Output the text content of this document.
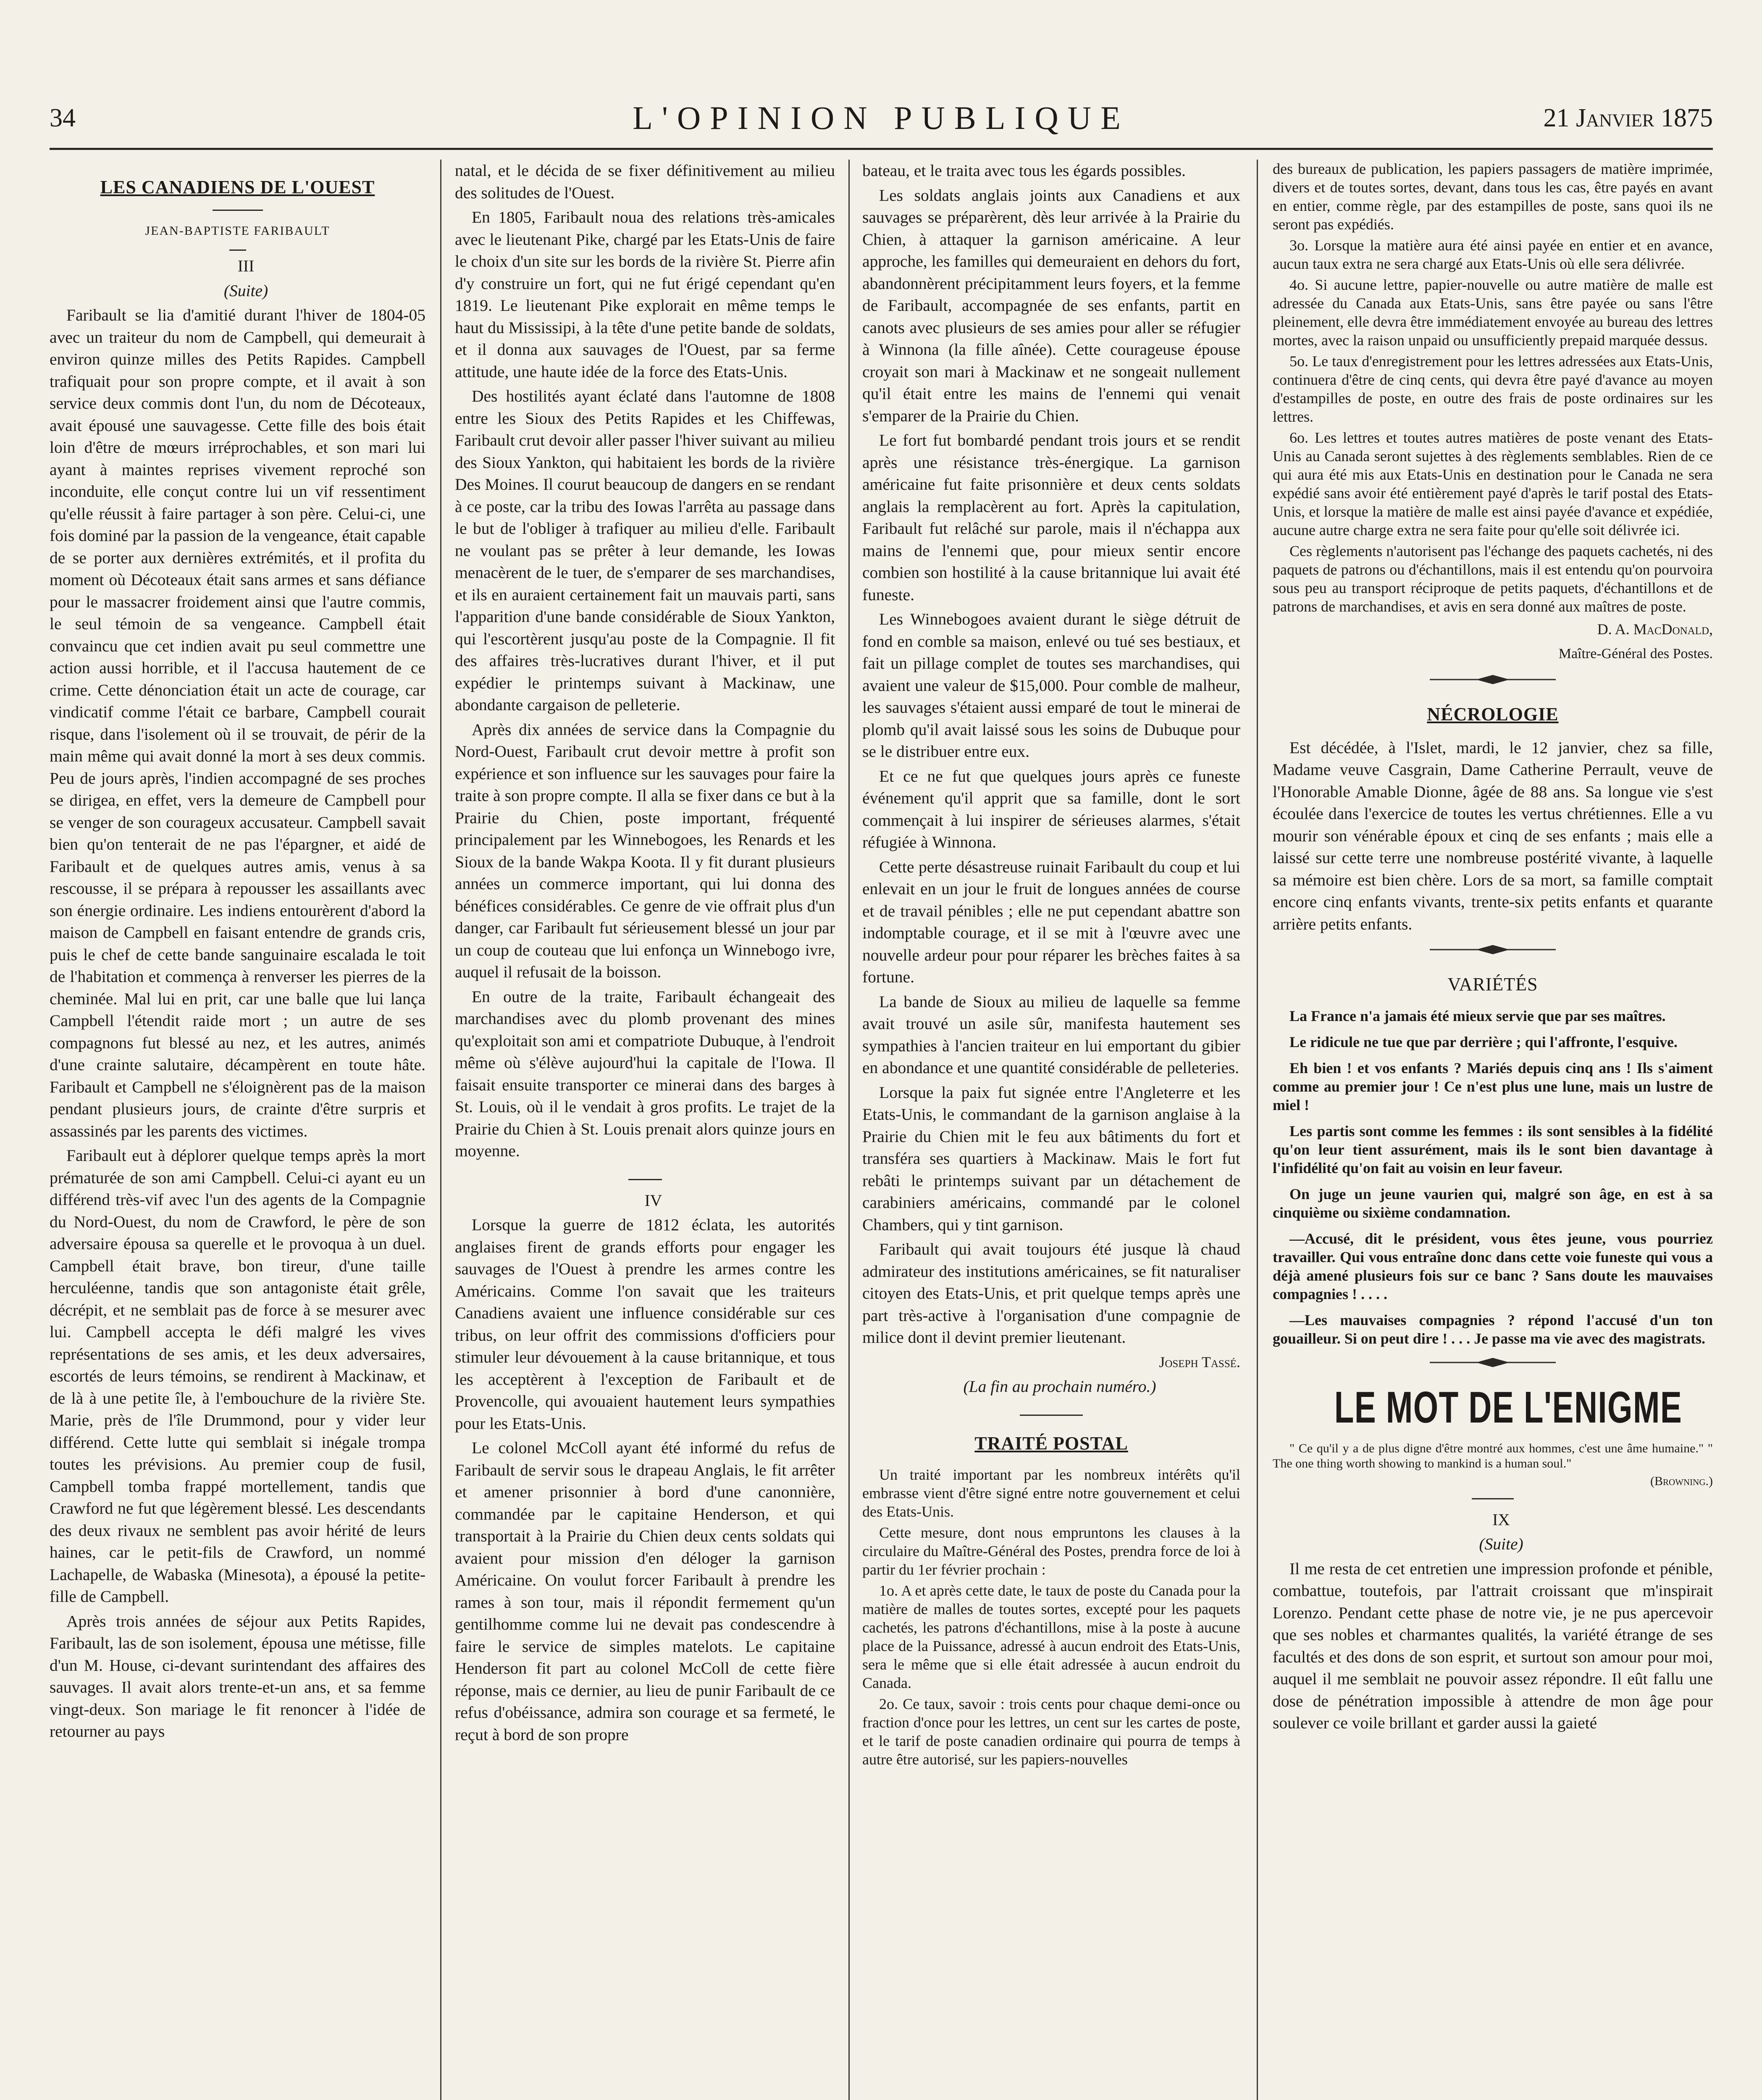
34	L'OPINION PUBLIQUE	21 Janvier 1875
LES CANADIENS DE L'OUEST
JEAN-BAPTISTE FARIBAULT

III

(Suite)

Faribault se lia d'amitié durant l'hiver de 1804-05 avec un traiteur du nom de Campbell, qui demeurait à environ quinze milles des Petits Rapides. Campbell trafiquait pour son propre compte, et il avait à son service deux commis dont l'un, du nom de Décoteaux, avait épousé une sauvagesse. Cette fille des bois était loin d'être de mœurs irréprochables, et son mari lui ayant à maintes reprises vivement reproché son inconduite, elle conçut contre lui un vif ressentiment qu'elle réussit à faire partager à son père. Celui-ci, une fois dominé par la passion de la vengeance, était capable de se porter aux dernières extrémités, et il profita du moment où Décoteaux était sans armes et sans défiance pour le massacrer froidement ainsi que l'autre commis, le seul témoin de sa vengeance. Campbell était convaincu que cet indien avait pu seul commettre une action aussi horrible, et il l'accusa hautement de ce crime. Cette dénonciation était un acte de courage, car vindicatif comme l'était ce barbare, Campbell courait risque, dans l'isolement où il se trouvait, de périr de la main même qui avait donné la mort à ses deux commis. Peu de jours après, l'indien accompagné de ses proches se dirigea, en effet, vers la demeure de Campbell pour se venger de son courageux accusateur. Campbell savait bien qu'on tenterait de ne pas l'épargner, et aidé de Faribault et de quelques autres amis, venus à sa rescousse, il se prépara à repousser les assaillants avec son énergie ordinaire. Les indiens entourèrent d'abord la maison de Campbell en faisant entendre de grands cris, puis le chef de cette bande sanguinaire escalada le toit de l'habitation et commença à renverser les pierres de la cheminée. Mal lui en prit, car une balle que lui lança Campbell l'étendit raide mort ; un autre de ses compagnons fut blessé au nez, et les autres, animés d'une crainte salutaire, décampèrent en toute hâte. Faribault et Campbell ne s'éloignèrent pas de la maison pendant plusieurs jours, de crainte d'être surpris et assassinés par les parents des victimes.

Faribault eut à déplorer quelque temps après la mort prématurée de son ami Campbell. Celui-ci ayant eu un différend très-vif avec l'un des agents de la Compagnie du Nord-Ouest, du nom de Crawford, le père de son adversaire épousa sa querelle et le provoqua à un duel. Campbell était brave, bon tireur, d'une taille herculéenne, tandis que son antagoniste était grêle, décrépit, et ne semblait pas de force à se mesurer avec lui. Campbell accepta le défi malgré les vives représentations de ses amis, et les deux adversaires, escortés de leurs témoins, se rendirent à Mackinaw, et de là à une petite île, à l'embouchure de la rivière Ste. Marie, près de l'île Drummond, pour y vider leur différend. Cette lutte qui semblait si inégale trompa toutes les prévisions. Au premier coup de fusil, Campbell tomba frappé mortellement, tandis que Crawford ne fut que légèrement blessé. Les descendants des deux rivaux ne semblent pas avoir hérité de leurs haines, car le petit-fils de Crawford, un nommé Lachapelle, de Wabaska (Minesota), a épousé la petite-fille de Campbell.

Après trois années de séjour aux Petits Rapides, Faribault, las de son isolement, épousa une métisse, fille d'un M. House, ci-devant surintendant des affaires des sauvages. Il avait alors trente-et-un ans, et sa femme vingt-deux. Son mariage le fit renoncer à l'idée de retourner au pays

natal, et le décida de se fixer définitivement au milieu des solitudes de l'Ouest.

En 1805, Faribault noua des relations très-amicales avec le lieutenant Pike, chargé par les Etats-Unis de faire le choix d'un site sur les bords de la rivière St. Pierre afin d'y construire un fort, qui ne fut érigé cependant qu'en 1819. Le lieutenant Pike explorait en même temps le haut du Mississipi, à la tête d'une petite bande de soldats, et il donna aux sauvages de l'Ouest, par sa ferme attitude, une haute idée de la force des Etats-Unis.

Des hostilités ayant éclaté dans l'automne de 1808 entre les Sioux des Petits Rapides et les Chiffewas, Faribault crut devoir aller passer l'hiver suivant au milieu des Sioux Yankton, qui habitaient les bords de la rivière Des Moines. Il courut beaucoup de dangers en se rendant à ce poste, car la tribu des Iowas l'arrêta au passage dans le but de l'obliger à trafiquer au milieu d'elle. Faribault ne voulant pas se prêter à leur demande, les Iowas menacèrent de le tuer, de s'emparer de ses marchandises, et ils en auraient certainement fait un mauvais parti, sans l'apparition d'une bande considérable de Sioux Yankton, qui l'escortèrent jusqu'au poste de la Compagnie. Il fit des affaires très-lucratives durant l'hiver, et il put expédier le printemps suivant à Mackinaw, une abondante cargaison de pelleterie.

Après dix années de service dans la Compagnie du Nord-Ouest, Faribault crut devoir mettre à profit son expérience et son influence sur les sauvages pour faire la traite à son propre compte. Il alla se fixer dans ce but à la Prairie du Chien, poste important, fréquenté principalement par les Winnebogoes, les Renards et les Sioux de la bande Wakpa Koota. Il y fit durant plusieurs années un commerce important, qui lui donna des bénéfices considérables. Ce genre de vie offrait plus d'un danger, car Faribault fut sérieusement blessé un jour par un coup de couteau que lui enfonça un Winnebogo ivre, auquel il refusait de la boisson.

En outre de la traite, Faribault échangeait des marchandises avec du plomb provenant des mines qu'exploitait son ami et compatriote Dubuque, à l'endroit même où s'élève aujourd'hui la capitale de l'Iowa. Il faisait ensuite transporter ce minerai dans des barges à St. Louis, où il le vendait à gros profits. Le trajet de la Prairie du Chien à St. Louis prenait alors quinze jours en moyenne.

IV

Lorsque la guerre de 1812 éclata, les autorités anglaises firent de grands efforts pour engager les sauvages de l'Ouest à prendre les armes contre les Américains. Comme l'on savait que les traiteurs Canadiens avaient une influence considérable sur ces tribus, on leur offrit des commissions d'officiers pour stimuler leur dévouement à la cause britannique, et tous les acceptèrent à l'exception de Faribault et de Provencolle, qui avouaient hautement leurs sympathies pour les Etats-Unis.

Le colonel McColl ayant été informé du refus de Faribault de servir sous le drapeau Anglais, le fit arrêter et amener prisonnier à bord d'une canonnière, commandée par le capitaine Henderson, et qui transportait à la Prairie du Chien deux cents soldats qui avaient pour mission d'en déloger la garnison Américaine. On voulut forcer Faribault à prendre les rames à son tour, mais il répondit fermement qu'un gentilhomme comme lui ne devait pas condescendre à faire le service de simples matelots. Le capitaine Henderson fit part au colonel McColl de cette fière réponse, mais ce dernier, au lieu de punir Faribault de ce refus d'obéissance, admira son courage et sa fermeté, le reçut à bord de son propre

bateau, et le traita avec tous les égards possibles.

Les soldats anglais joints aux Canadiens et aux sauvages se préparèrent, dès leur arrivée à la Prairie du Chien, à attaquer la garnison américaine. A leur approche, les familles qui demeuraient en dehors du fort, abandonnèrent précipitamment leurs foyers, et la femme de Faribault, accompagnée de ses enfants, partit en canots avec plusieurs de ses amies pour aller se réfugier à Winnona (la fille aînée). Cette courageuse épouse croyait son mari à Mackinaw et ne songeait nullement qu'il était entre les mains de l'ennemi qui venait s'emparer de la Prairie du Chien.

Le fort fut bombardé pendant trois jours et se rendit après une résistance très-énergique. La garnison américaine fut faite prisonnière et deux cents soldats anglais la remplacèrent au fort. Après la capitulation, Faribault fut relâché sur parole, mais il n'échappa aux mains de l'ennemi que, pour mieux sentir encore combien son hostilité à la cause britannique lui avait été funeste.

Les Winnebogoes avaient durant le siège détruit de fond en comble sa maison, enlevé ou tué ses bestiaux, et fait un pillage complet de toutes ses marchandises, qui avaient une valeur de $15,000. Pour comble de malheur, les sauvages s'étaient aussi emparé de tout le minerai de plomb qu'il avait laissé sous les soins de Dubuque pour se le distribuer entre eux.

Et ce ne fut que quelques jours après ce funeste événement qu'il apprit que sa famille, dont le sort commençait à lui inspirer de sérieuses alarmes, s'était réfugiée à Winnona.

Cette perte désastreuse ruinait Faribault du coup et lui enlevait en un jour le fruit de longues années de course et de travail pénibles ; elle ne put cependant abattre son indomptable courage, et il se mit à l'œuvre avec une nouvelle ardeur pour pour réparer les brèches faites à sa fortune.

La bande de Sioux au milieu de laquelle sa femme avait trouvé un asile sûr, manifesta hautement ses sympathies à l'ancien traiteur en lui emportant du gibier en abondance et une quantité considérable de pelleteries.

Lorsque la paix fut signée entre l'Angleterre et les Etats-Unis, le commandant de la garnison anglaise à la Prairie du Chien mit le feu aux bâtiments du fort et transféra ses quartiers à Mackinaw. Mais le fort fut rebâti le printemps suivant par un détachement de carabiniers américains, commandé par le colonel Chambers, qui y tint garnison.

Faribault qui avait toujours été jusque là chaud admirateur des institutions américaines, se fit naturaliser citoyen des Etats-Unis, et prit quelque temps après une part très-active à l'organisation d'une compagnie de milice dont il devint premier lieutenant.

Joseph Tassé.

(La fin au prochain numéro.)

TRAITÉ POSTAL

Un traité important par les nombreux intérêts qu'il embrasse vient d'être signé entre notre gouvernement et celui des Etats-Unis.

Cette mesure, dont nous empruntons les clauses à la circulaire du Maître-Général des Postes, prendra force de loi à partir du 1er février prochain :

1o. A et après cette date, le taux de poste du Canada pour la matière de malles de toutes sortes, excepté pour les paquets cachetés, les patrons d'échantillons, mise à la poste à aucune place de la Puissance, adressé à aucun endroit des Etats-Unis, sera le même que si elle était adressée à aucun endroit du Canada.

2o. Ce taux, savoir : trois cents pour chaque demi-once ou fraction d'once pour les lettres, un cent sur les cartes de poste, et le tarif de poste canadien ordinaire qui pourra de temps à autre être autorisé, sur les papiers-nouvelles

des bureaux de publication, les papiers passagers de matière imprimée, divers et de toutes sortes, devant, dans tous les cas, être payés en avant en entier, comme règle, par des estampilles de poste, sans quoi ils ne seront pas expédiés.

3o. Lorsque la matière aura été ainsi payée en entier et en avance, aucun taux extra ne sera chargé aux Etats-Unis où elle sera délivrée.

4o. Si aucune lettre, papier-nouvelle ou autre matière de malle est adressée du Canada aux Etats-Unis, sans être payée ou sans l'être pleinement, elle devra être immédiatement envoyée au bureau des lettres mortes, avec la raison unpaid ou unsufficiently prepaid marquée dessus.

5o. Le taux d'enregistrement pour les lettres adressées aux Etats-Unis, continuera d'être de cinq cents, qui devra être payé d'avance au moyen d'estampilles de poste, en outre des frais de poste ordinaires sur les lettres.

6o. Les lettres et toutes autres matières de poste venant des Etats-Unis au Canada seront sujettes à des règlements semblables. Rien de ce qui aura été mis aux Etats-Unis en destination pour le Canada ne sera expédié sans avoir été entièrement payé d'après le tarif postal des Etats-Unis, et lorsque la matière de malle est ainsi payée d'avance et expédiée, aucune autre charge extra ne sera faite pour qu'elle soit délivrée ici.

Ces règlements n'autorisent pas l'échange des paquets cachetés, ni des paquets de patrons ou d'échantillons, mais il est entendu qu'on pourvoira sous peu au transport réciproque de petits paquets, d'échantillons et de patrons de marchandises, et avis en sera donné aux maîtres de poste.

D. A. MacDonald,

Maître-Général des Postes.

NÉCROLOGIE

Est décédée, à l'Islet, mardi, le 12 janvier, chez sa fille, Madame veuve Casgrain, Dame Catherine Perrault, veuve de l'Honorable Amable Dionne, âgée de 88 ans. Sa longue vie s'est écoulée dans l'exercice de toutes les vertus chrétiennes. Elle a vu mourir son vénérable époux et cinq de ses enfants ; mais elle a laissé sur cette terre une nombreuse postérité vivante, à laquelle sa mémoire est bien chère. Lors de sa mort, sa famille comptait encore cinq enfants vivants, trente-six petits enfants et quarante arrière petits enfants.

VARIÉTÉS

La France n'a jamais été mieux servie que par ses maîtres.

Le ridicule ne tue que par derrière ; qui l'affronte, l'esquive.

Eh bien ! et vos enfants ? Mariés depuis cinq ans ! Ils s'aiment comme au premier jour ! Ce n'est plus une lune, mais un lustre de miel !

Les partis sont comme les femmes : ils sont sensibles à la fidélité qu'on leur tient assurément, mais ils le sont bien davantage à l'infidélité qu'on fait au voisin en leur faveur.

On juge un jeune vaurien qui, malgré son âge, en est à sa cinquième ou sixième condamnation.

—Accusé, dit le président, vous êtes jeune, vous pourriez travailler. Qui vous entraîne donc dans cette voie funeste qui vous a déjà amené plusieurs fois sur ce banc ? Sans doute les mauvaises compagnies ! . . . .

—Les mauvaises compagnies ? répond l'accusé d'un ton gouailleur. Si on peut dire ! . . . Je passe ma vie avec des magistrats.

LE MOT DE L'ENIGME

" Ce qu'il y a de plus digne d'être montré aux hommes, c'est une âme humaine." " The one thing worth showing to mankind is a human soul."
(Browning.)

IX

(Suite)

Il me resta de cet entretien une impression profonde et pénible, combattue, toutefois, par l'attrait croissant que m'inspirait Lorenzo. Pendant cette phase de notre vie, je ne pus apercevoir que ses nobles et charmantes qualités, la variété étrange de ses facultés et des dons de son esprit, et surtout son amour pour moi, auquel il me semblait ne pouvoir assez répondre. Il eût fallu une dose de pénétration impossible à attendre de mon âge pour soulever ce voile brillant et garder aussi la gaieté
